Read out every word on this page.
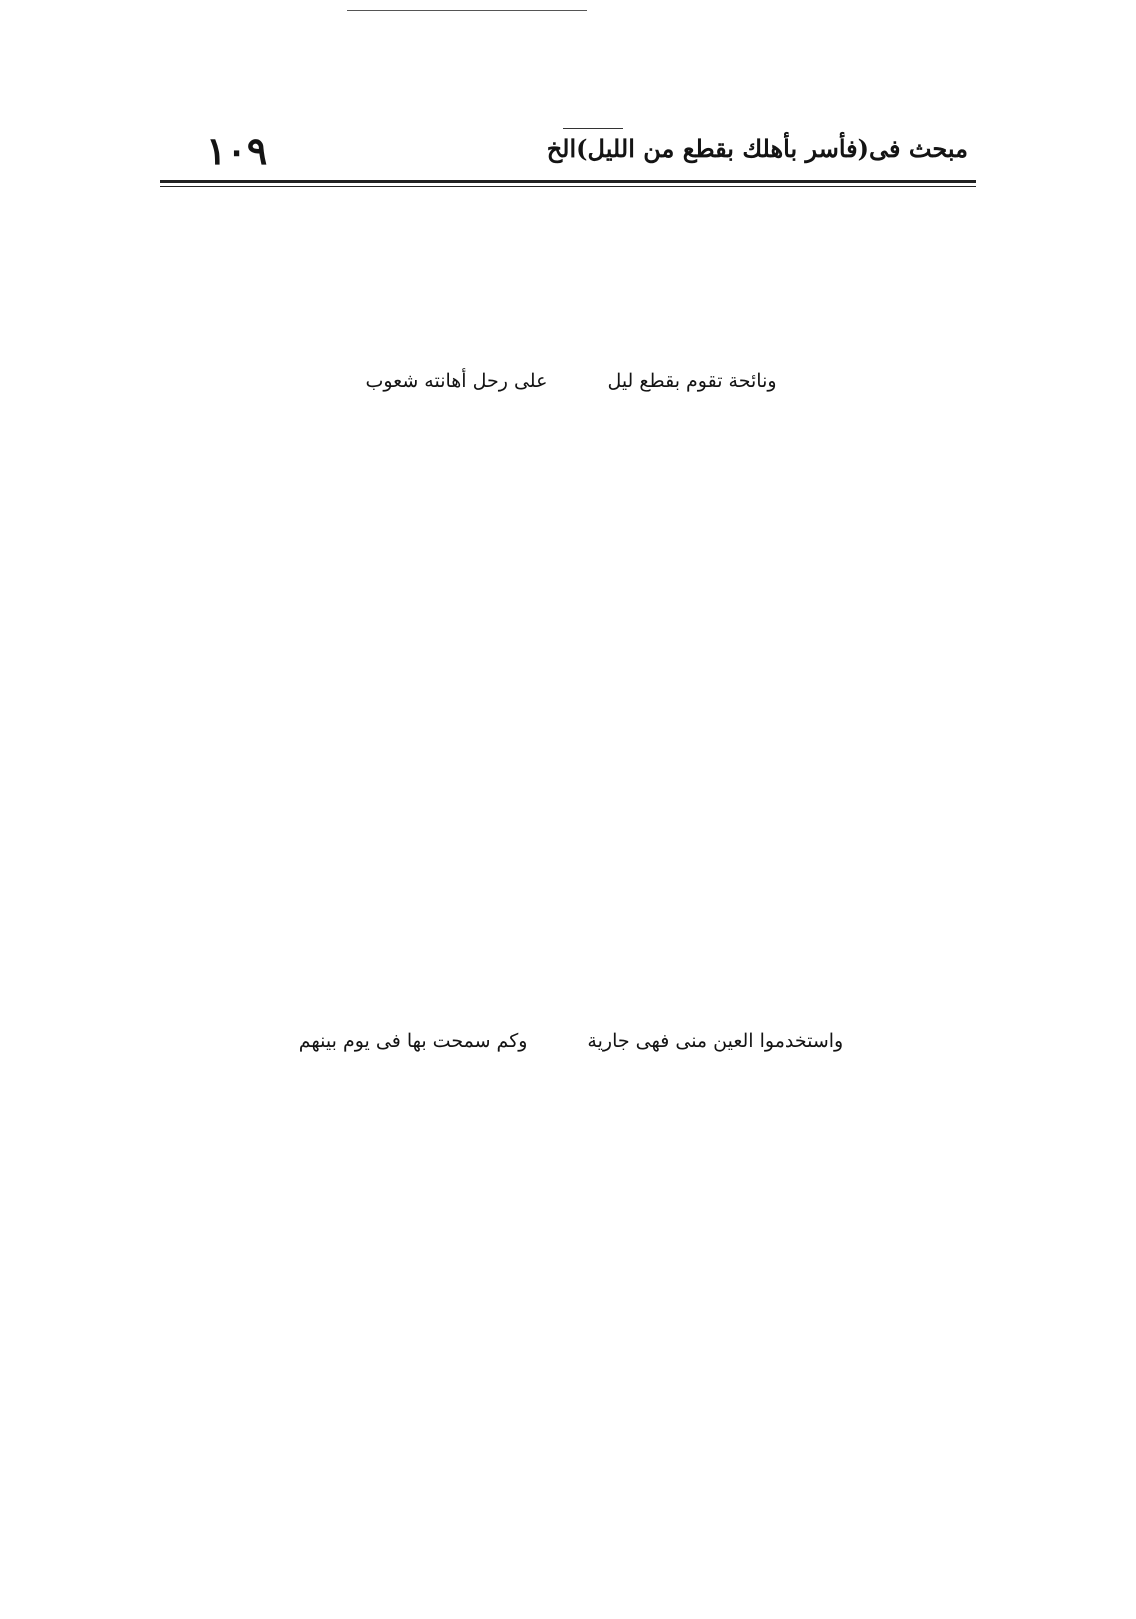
مبحث فى(فأسر بأهلك بقطع من الليل)الخ
١٠٩
ونائحة تقوم بقطع ليل
على رحل أهانته شعوب
واستخدموا العين منى فهى جارية
وكم سمحت بها فى يوم بينهم
